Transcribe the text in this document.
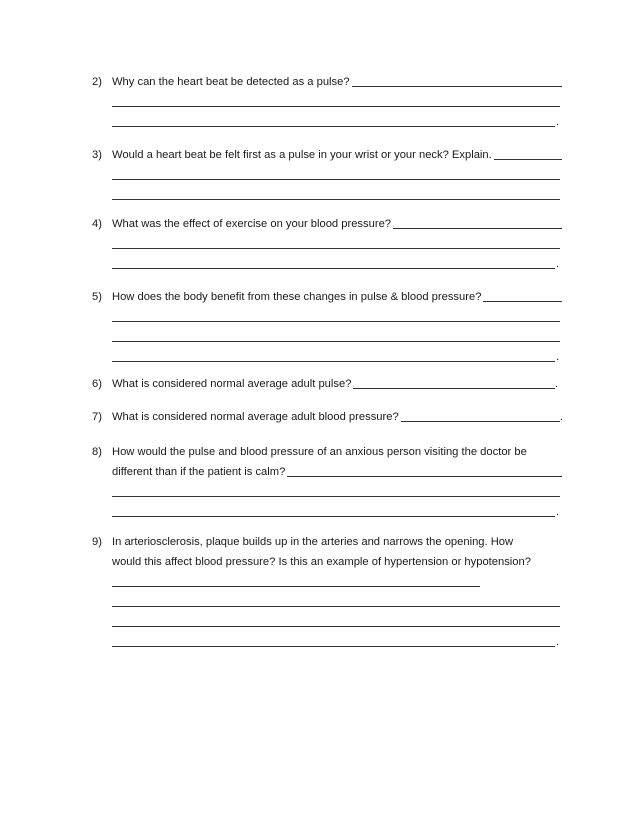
2) Why can the heart beat be detected as a pulse?
.
3) Would a heart beat be felt first as a pulse in your wrist or your neck? Explain.
4) What was the effect of exercise on your blood pressure?
.
5) How does the body benefit from these changes in pulse & blood pressure?
.
6) What is considered normal average adult pulse?	.
7) What is considered normal average adult blood pressure?	.
8) How would the pulse and blood pressure of an anxious person visiting the doctor be
different than if the patient is calm?
.
9) In arteriosclerosis, plaque builds up in the arteries and narrows the opening. How
would this affect blood pressure? Is this an example of hypertension or hypotension?
.
